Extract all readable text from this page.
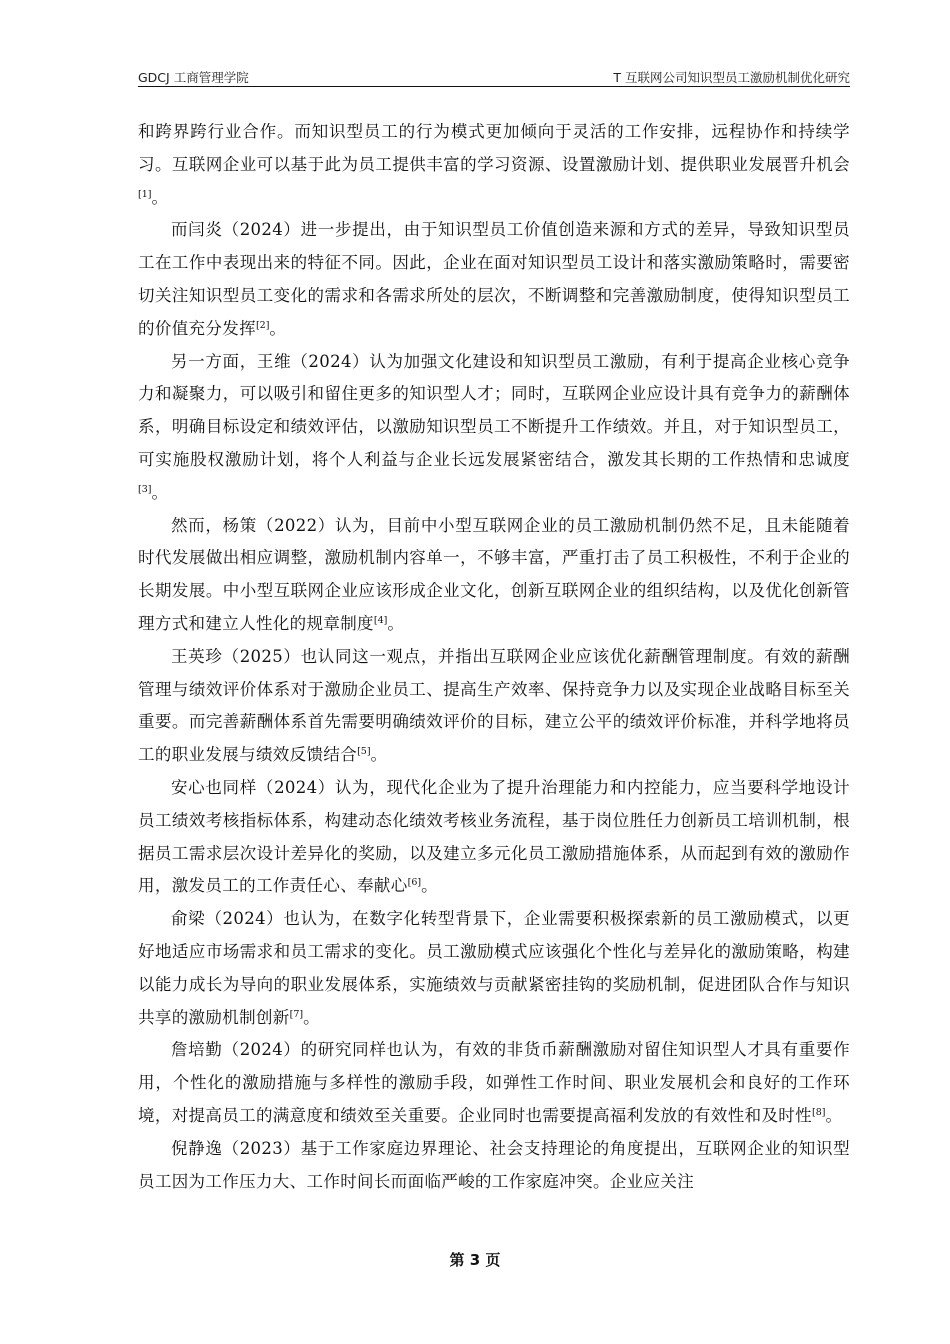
GDCJ 工商管理学院	T 互联网公司知识型员工激励机制优化研究

和跨界跨行业合作。而知识型员工的行为模式更加倾向于灵活的工作安排，远程协作和持续学习。互联网企业可以基于此为员工提供丰富的学习资源、设置激励计划、提供职业发展晋升机会[1]。

而闫炎（2024）进一步提出，由于知识型员工价值创造来源和方式的差异，导致知识型员工在工作中表现出来的特征不同。因此，企业在面对知识型员工设计和落实激励策略时，需要密切关注知识型员工变化的需求和各需求所处的层次，不断调整和完善激励制度，使得知识型员工的价值充分发挥[2]。

另一方面，王维（2024）认为加强文化建设和知识型员工激励，有利于提高企业核心竞争力和凝聚力，可以吸引和留住更多的知识型人才；同时，互联网企业应设计具有竞争力的薪酬体系，明确目标设定和绩效评估，以激励知识型员工不断提升工作绩效。并且，对于知识型员工，可实施股权激励计划，将个人利益与企业长远发展紧密结合，激发其长期的工作热情和忠诚度[3]。

然而，杨策（2022）认为，目前中小型互联网企业的员工激励机制仍然不足，且未能随着时代发展做出相应调整，激励机制内容单一，不够丰富，严重打击了员工积极性，不利于企业的长期发展。中小型互联网企业应该形成企业文化，创新互联网企业的组织结构，以及优化创新管理方式和建立人性化的规章制度[4]。

王英珍（2025）也认同这一观点，并指出互联网企业应该优化薪酬管理制度。有效的薪酬管理与绩效评价体系对于激励企业员工、提高生产效率、保持竞争力以及实现企业战略目标至关重要。而完善薪酬体系首先需要明确绩效评价的目标，建立公平的绩效评价标准，并科学地将员工的职业发展与绩效反馈结合[5]。

安心也同样（2024）认为，现代化企业为了提升治理能力和内控能力，应当要科学地设计员工绩效考核指标体系，构建动态化绩效考核业务流程，基于岗位胜任力创新员工培训机制，根据员工需求层次设计差异化的奖励，以及建立多元化员工激励措施体系，从而起到有效的激励作用，激发员工的工作责任心、奉献心[6]。

俞梁（2024）也认为，在数字化转型背景下，企业需要积极探索新的员工激励模式，以更好地适应市场需求和员工需求的变化。员工激励模式应该强化个性化与差异化的激励策略，构建以能力成长为导向的职业发展体系，实施绩效与贡献紧密挂钩的奖励机制，促进团队合作与知识共享的激励机制创新[7]。

詹培勤（2024）的研究同样也认为，有效的非货币薪酬激励对留住知识型人才具有重要作用，个性化的激励措施与多样性的激励手段，如弹性工作时间、职业发展机会和良好的工作环境，对提高员工的满意度和绩效至关重要。企业同时也需要提高福利发放的有效性和及时性[8]。

倪静逸（2023）基于工作家庭边界理论、社会支持理论的角度提出，互联网企业的知识型员工因为工作压力大、工作时间长而面临严峻的工作家庭冲突。企业应关注

第 3 页
